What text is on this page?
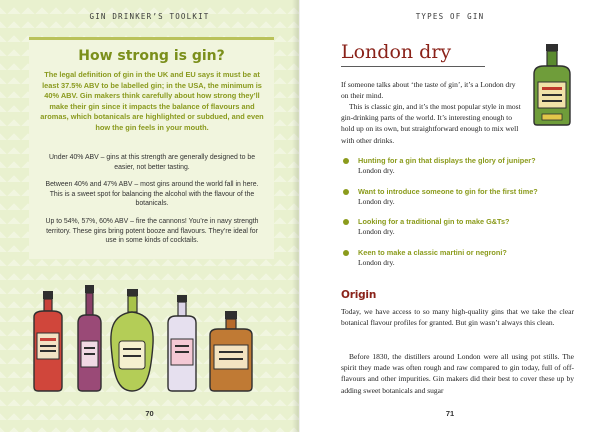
GIN DRINKER’S TOOLKIT
How strong is gin?
The legal definition of gin in the UK and EU says it must be at least 37.5% ABV to be labelled gin; in the USA, the minimum is 40% ABV. Gin makers think carefully about how strong they’ll make their gin since it impacts the balance of flavours and aromas, which botanicals are highlighted or subdued, and even how the gin feels in your mouth.
Under 40% ABV – gins at this strength are generally designed to be easier, not better tasting.
Between 40% and 47% ABV – most gins around the world fall in here. This is a sweet spot for balancing the alcohol with the flavour of the botanicals.
Up to 54%, 57%, 60% ABV – fire the cannons! You’re in navy strength territory. These gins bring potent booze and flavours. They’re ideal for use in some kinds of cocktails.
70
TYPES OF GIN
London dry

If someone talks about ‘the taste of gin’, it’s a London dry on their mind.

This is classic gin, and it’s the most popular style in most gin-drinking parts of the world. It’s interesting enough to hold up on its own, but straightforward enough to mix well with other drinks.

Hunting for a gin that displays the glory of juniper?
London dry.
Want to introduce someone to gin for the first time?
London dry.
Looking for a traditional gin to make G&Ts?
London dry.
Keen to make a classic martini or negroni?
London dry.
Origin

Today, we have access to so many high-quality gins that we take the clear botanical flavour profiles for granted. But gin wasn’t always this clean.

Before 1830, the distillers around London were all using pot stills. The spirit they made was often rough and raw compared to gin today, full of off-flavours and other impurities. Gin makers did their best to cover these up by adding sweet botanicals and sugar

71
